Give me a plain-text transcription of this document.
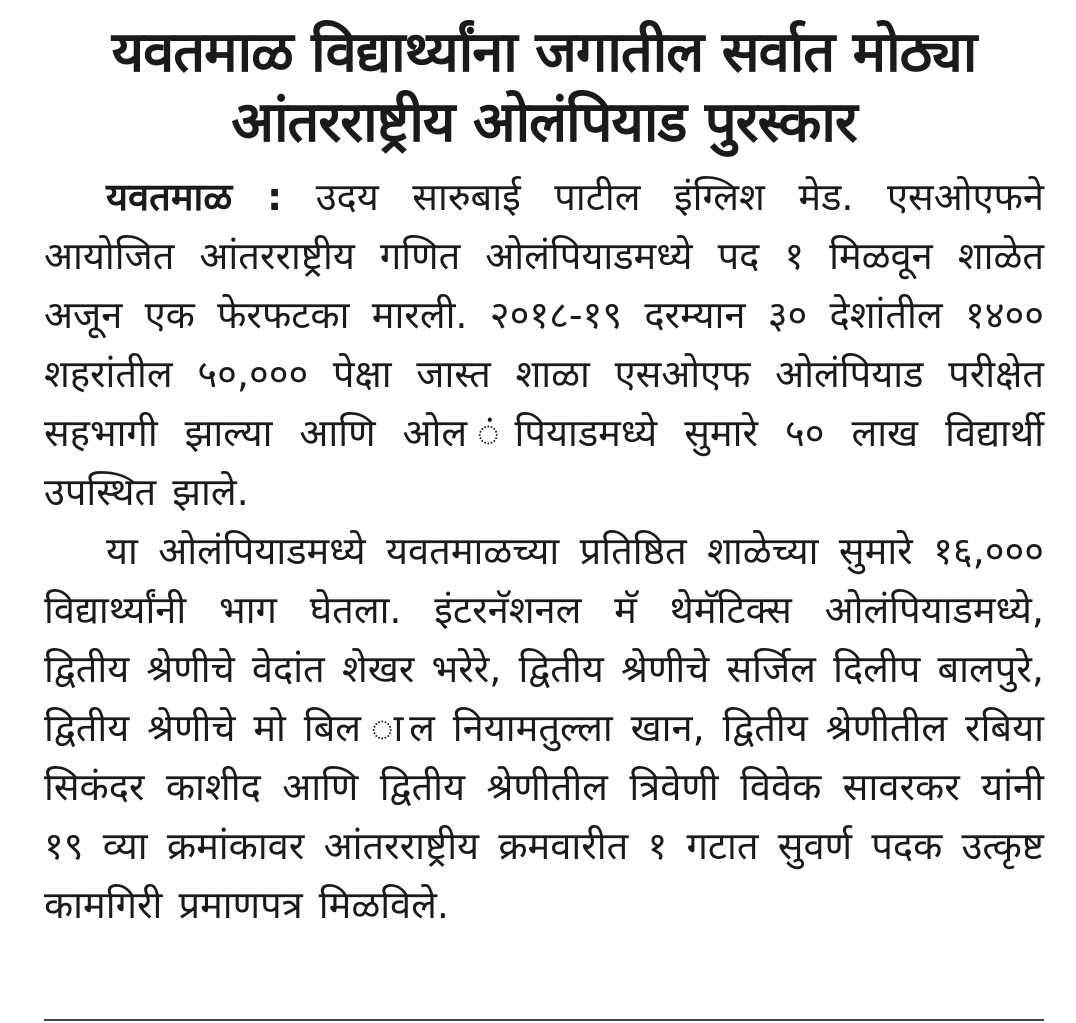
यवतमाळ विद्यार्थ्यांना जगातील सर्वात मोठ्या
आंतरराष्ट्रीय ओलंपियाड पुरस्कार

यवतमाळ : उदय सारुबाई पाटील इंग्लिश मेड. एसओएफने आयोजित आंतरराष्ट्रीय गणित ओलंपियाडमध्ये पद १ मिळवून शाळेत अजून एक फेरफटका मारली. २०१८-१९ दरम्यान ३० देशांतील १४०० शहरांतील ५०,००० पेक्षा जास्त शाळा एसओएफ ओलंपियाड परीक्षेत सहभागी झाल्या आणि ओल ंपियाडमध्ये सुमारे ५० लाख विद्यार्थी उपस्थित झाले.

या ओलंपियाडमध्ये यवतमाळच्या प्रतिष्ठित शाळेच्या सुमारे १६,००० विद्यार्थ्यांनी भाग घेतला. इंटरनॅशनल मॅ थेमॅटिक्स ओलंपियाडमध्ये, द्वितीय श्रेणीचे वेदांत शेखर भरेरे, द्वितीय श्रेणीचे सर्जिल दिलीप बालपुरे, द्वितीय श्रेणीचे मो बिल ाल नियामतुल्ला खान, द्वितीय श्रेणीतील रबिया सिकंदर काशीद आणि द्वितीय श्रेणीतील त्रिवेणी विवेक सावरकर यांनी १९ व्या क्रमांकावर आंतरराष्ट्रीय क्रमवारीत १ गटात सुवर्ण पदक उत्कृष्ट कामगिरी प्रमाणपत्र मिळविले.
